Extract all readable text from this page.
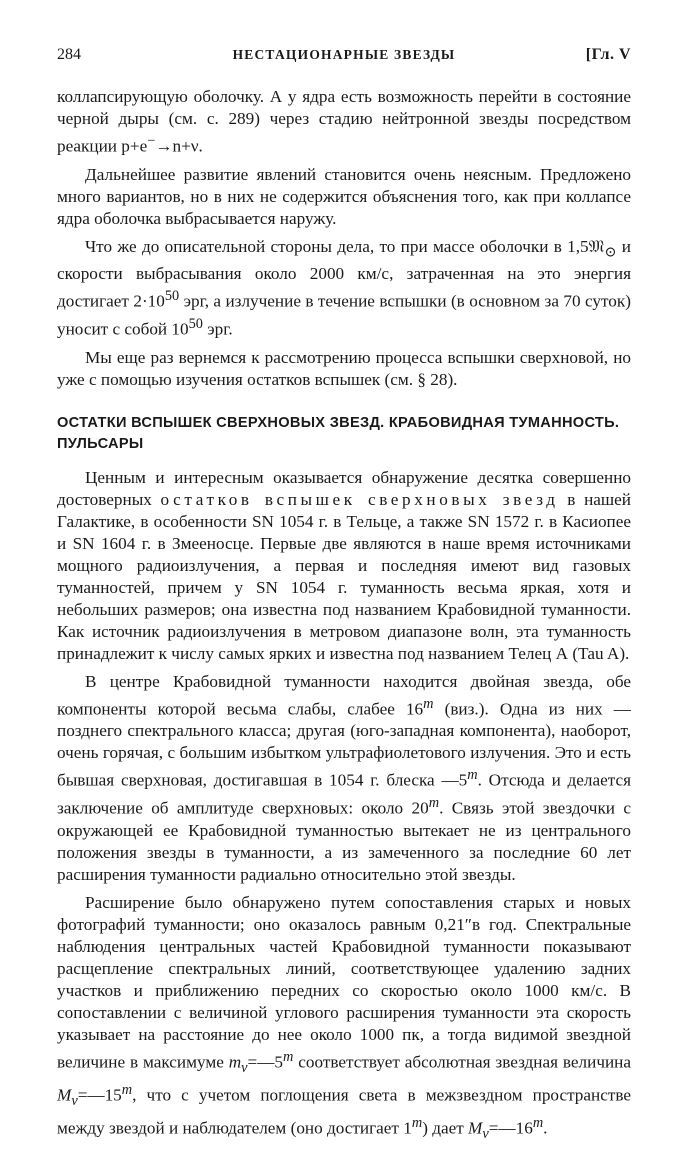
284	НЕСТАЦИОНАРНЫЕ ЗВЕЗДЫ	[Гл. V

коллапсирующую оболочку. А у ядра есть возможность перейти в состояние черной дыры (см. с. 289) через стадию нейтронной звезды посредством реакции р+е−→n+ν.

Дальнейшее развитие явлений становится очень неясным. Предложено много вариантов, но в них не содержится объяснения того, как при коллапсе ядра оболочка выбрасывается наружу.

Что же до описательной стороны дела, то при массе оболочки в 1,5𝔐$_⊙$ и скорости выбрасывания около 2000 км/с, затраченная на это энергия достигает $2\cdot 10^{50}$ эрг, а излучение в течение вспышки (в основном за 70 суток) уносит с собой $10^{50}$ эрг.

Мы еще раз вернемся к рассмотрению процесса вспышки сверхновой, но уже с помощью изучения остатков вспышек (см. § 28).

ОСТАТКИ ВСПЫШЕК СВЕРХНОВЫХ ЗВЕЗД. КРАБОВИДНАЯ ТУМАННОСТЬ. ПУЛЬСАРЫ

Ценным и интересным оказывается обнаружение десятка совершенно достоверных остатков вспышек сверхновых звезд в нашей Галактике, в особенности SN 1054 г. в Тельце, а также SN 1572 г. в Касиопее и SN 1604 г. в Змееносце. Первые две являются в наше время источниками мощного радиоизлучения, а первая и последняя имеют вид газовых туманностей, причем у SN 1054 г. туманность весьма яркая, хотя и небольших размеров; она известна под названием Крабовидной туманности. Как источник радиоизлучения в метровом диапазоне волн, эта туманность принадлежит к числу самых ярких и известна под названием Телец А (Tau A).

В центре Крабовидной туманности находится двойная звезда, обе компоненты которой весьма слабы, слабее 16$^m$ (виз.). Одна из них — позднего спектрального класса; другая (юго-западная компонента), наоборот, очень горячая, с большим избытком ультрафиолетового излучения. Это и есть бывшая сверхновая, достигавшая в 1054 г. блеска —5$^m$. Отсюда и делается заключение об амплитуде сверхновых: около 20$^m$. Связь этой звездочки с окружающей ее Крабовидной туманностью вытекает не из центрального положения звезды в туманности, а из замеченного за последние 60 лет расширения туманности радиально относительно этой звезды.

Расширение было обнаружено путем сопоставления старых и новых фотографий туманности; оно оказалось равным 0,21″в год. Спектральные наблюдения центральных частей Крабовидной туманности показывают расщепление спектральных линий, соответствующее удалению задних участков и приближению передних со скоростью около 1000 км/с. В сопоставлении с величиной углового расширения туманности эта скорость указывает на расстояние до нее около 1000 пк, а тогда видимой звездной величине в максимуме $m_v=—5^m$ соответствует абсолютная звездная величина $M_v=—15^m$, что с учетом поглощения света в межзвездном пространстве между звездой и наблюдателем (оно достигает 1$^m$) дает $M_v=—16^m$.
